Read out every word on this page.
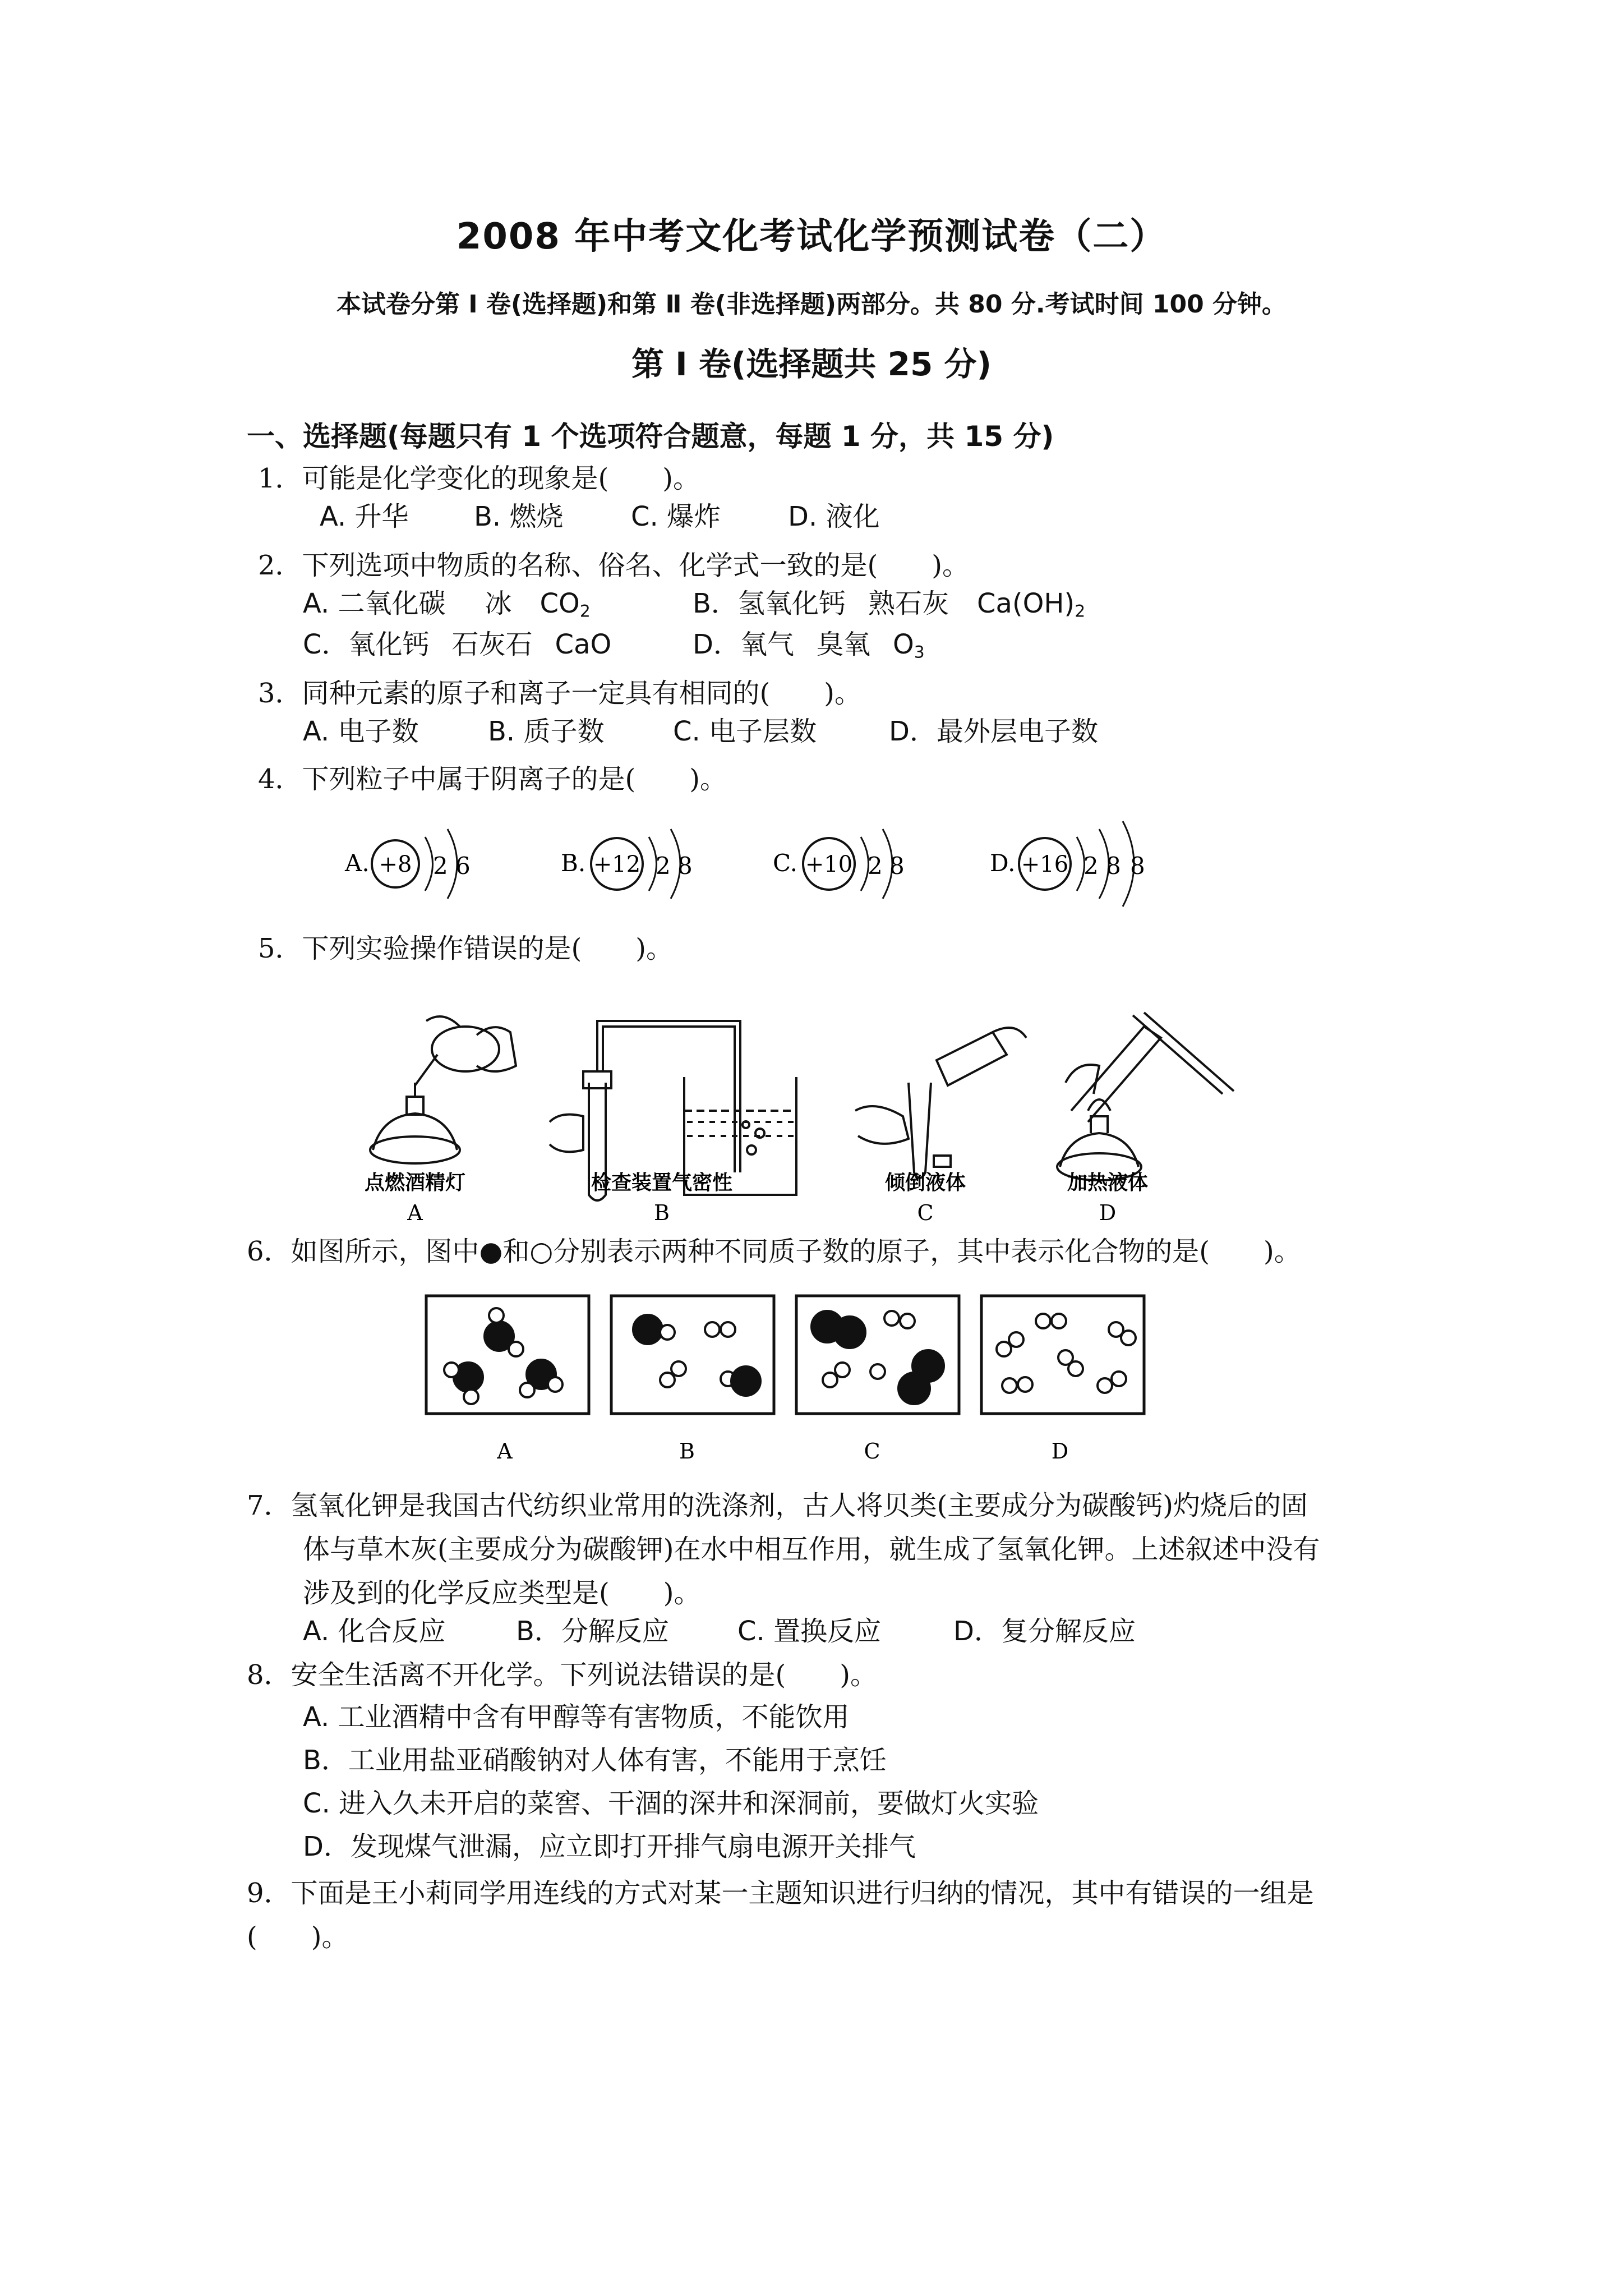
2008 年中考文化考试化学预测试卷（二）
本试卷分第 Ⅰ 卷(选择题)和第 Ⅱ 卷(非选择题)两部分。共 80 分.考试时间 100 分钟。
第 Ⅰ 卷(选择题共 25 分)
一、选择题(每题只有 1 个选项符合题意，每题 1 分，共 15 分)
1．可能是化学变化的现象是(　　)。
A. 升华 B. 燃烧	C. 爆炸 D. 液化
2．下列选项中物质的名称、俗名、化学式一致的是(　　)。
A. 二氧化碳 冰 $CO_2$	B．氢氧化钙 熟石灰 $Ca(OH)_2$
C．氧化钙 石灰石 CaO	D．氧气 臭氧 $O_3$
3．同种元素的原子和离子一定具有相同的(　　)。
A. 电子数	B. 质子数	C. 电子层数	D．最外层电子数
4．下列粒子中属于阴离子的是(　　)。
A. +8 2 6	B. +12 2 8	C. +10 2 8	D. +16 2 8 8
5．下列实验操作错误的是(　　)。
点燃酒精灯	检查装置气密性	倾倒液体	加热液体
A	B	C	D
6．如图所示，图中●和○分别表示两种不同质子数的原子，其中表示化合物的是(　　)。
A	B	C	D
7．氢氧化钾是我国古代纺织业常用的洗涤剂，古人将贝类(主要成分为碳酸钙)灼烧后的固
体与草木灰(主要成分为碳酸钾)在水中相互作用，就生成了氢氧化钾。上述叙述中没有
涉及到的化学反应类型是(　　)。
A. 化合反应	B．分解反应	C. 置换反应	D．复分解反应
8．安全生活离不开化学。下列说法错误的是(　　)。
A. 工业酒精中含有甲醇等有害物质，不能饮用
B．工业用盐亚硝酸钠对人体有害，不能用于烹饪
C. 进入久未开启的菜窖、干涸的深井和深洞前，要做灯火实验
D．发现煤气泄漏，应立即打开排气扇电源开关排气
9．下面是王小莉同学用连线的方式对某一主题知识进行归纳的情况，其中有错误的一组是
(　　)。
